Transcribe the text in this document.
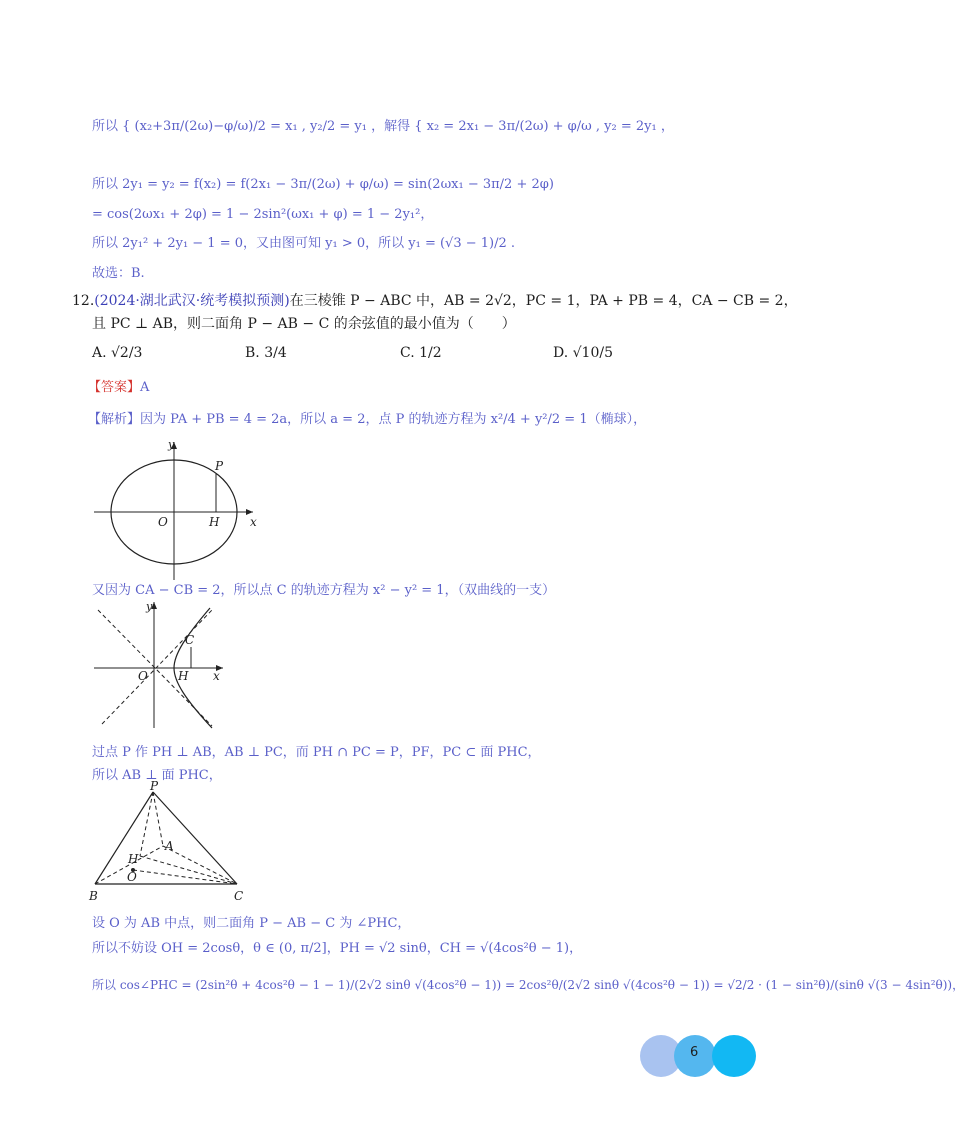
所以 { (x₂+3π/(2ω)−φ/ω)/2 = x₁ , y₂/2 = y₁ ，解得 { x₂ = 2x₁ − 3π/(2ω) + φ/ω , y₂ = 2y₁ ，
所以 2y₁ = y₂ = f(x₂) = f(2x₁ − 3π/(2ω) + φ/ω) = sin(2ωx₁ − 3π/2 + 2φ)
= cos(2ωx₁ + 2φ) = 1 − 2sin²(ωx₁ + φ) = 1 − 2y₁²，
所以 2y₁² + 2y₁ − 1 = 0，又由图可知 y₁ > 0，所以 y₁ = (√3 − 1)/2 .
故选：B.
12.(2024·湖北武汉·统考模拟预测)在三棱锥 P − ABC 中，AB = 2√2，PC = 1，PA + PB = 4，CA − CB = 2，
且 PC ⊥ AB，则二面角 P − AB − C 的余弦值的最小值为（　　）
A. √2/3	B. 3/4	C. 1/2	D. √10/5
【答案】A
【解析】因为 PA + PB = 4 = 2a，所以 a = 2，点 P 的轨迹方程为 x²/4 + y²/2 = 1（椭球），
y
P
O	H	x
又因为 CA − CB = 2，所以点 C 的轨迹方程为 x² − y² = 1，（双曲线的一支）
y
C
O	H x
过点 P 作 PH ⊥ AB，AB ⊥ PC，而 PH ∩ PC = P，PF，PC ⊂ 面 PHC，
所以 AB ⊥ 面 PHC，
P
A
H
O
B	C
设 O 为 AB 中点，则二面角 P − AB − C 为 ∠PHC，
所以不妨设 OH = 2cosθ，θ ∈ (0, π/2]，PH = √2 sinθ，CH = √(4cos²θ − 1)，
所以 cos∠PHC = (2sin²θ + 4cos²θ − 1 − 1)/(2√2 sinθ √(4cos²θ − 1)) = 2cos²θ/(2√2 sinθ √(4cos²θ − 1)) = √2/2 · (1 − sin²θ)/(sinθ √(3 − 4sin²θ))，
6
